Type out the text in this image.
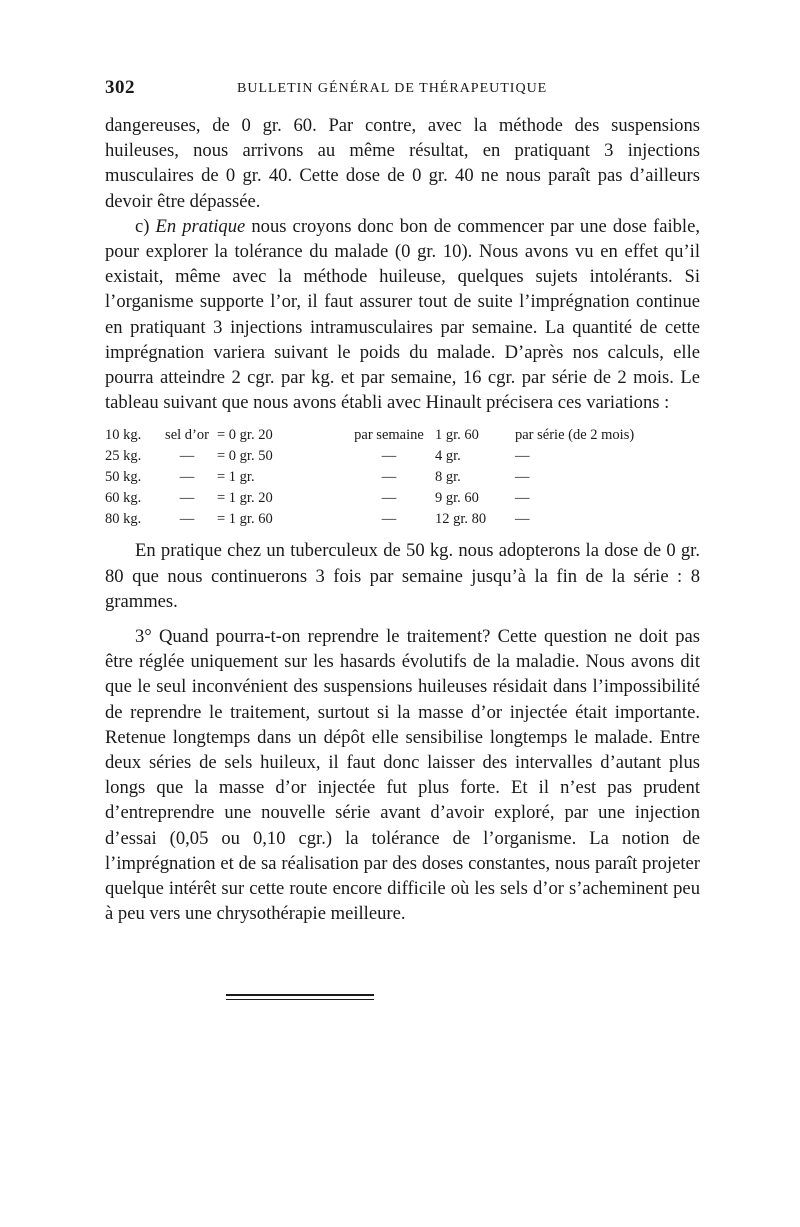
302	BULLETIN GÉNÉRAL DE THÉRAPEUTIQUE

dangereuses, de 0 gr. 60. Par contre, avec la méthode des suspensions huileuses, nous arrivons au même résultat, en pratiquant 3 injections musculaires de 0 gr. 40. Cette dose de 0 gr. 40 ne nous paraît pas d’ailleurs devoir être dépassée.

c) En pratique nous croyons donc bon de commencer par une dose faible, pour explorer la tolérance du malade (0 gr. 10). Nous avons vu en effet qu’il existait, même avec la méthode huileuse, quelques sujets intolérants. Si l’organisme supporte l’or, il faut assurer tout de suite l’imprégnation continue en pratiquant 3 injections intramusculaires par semaine. La quantité de cette imprégnation variera suivant le poids du malade. D’après nos calculs, elle pourra atteindre 2 cgr. par kg. et par semaine, 16 cgr. par série de 2 mois. Le tableau suivant que nous avons établi avec Hinault précisera ces variations :

10 kg.	sel d’or	= 0 gr. 20	par semaine	1 gr. 60	par série (de 2 mois)
25 kg.	—	= 0 gr. 50	—	4 gr.	—
50 kg.	—	= 1 gr.	—	8 gr.	—
60 kg.	—	= 1 gr. 20	—	9 gr. 60	—
80 kg.	—	= 1 gr. 60	—	12 gr. 80	—

En pratique chez un tuberculeux de 50 kg. nous adopterons la dose de 0 gr. 80 que nous continuerons 3 fois par semaine jusqu’à la fin de la série : 8 grammes.

3° Quand pourra-t-on reprendre le traitement? Cette question ne doit pas être réglée uniquement sur les hasards évolutifs de la maladie. Nous avons dit que le seul inconvénient des suspensions huileuses résidait dans l’impossibilité de reprendre le traitement, surtout si la masse d’or injectée était importante. Retenue longtemps dans un dépôt elle sensibilise longtemps le malade. Entre deux séries de sels huileux, il faut donc laisser des intervalles d’autant plus longs que la masse d’or injectée fut plus forte. Et il n’est pas prudent d’entreprendre une nouvelle série avant d’avoir exploré, par une injection d’essai (0,05 ou 0,10 cgr.) la tolérance de l’organisme. La notion de l’imprégnation et de sa réalisation par des doses constantes, nous paraît projeter quelque intérêt sur cette route encore difficile où les sels d’or s’acheminent peu à peu vers une chrysothérapie meilleure.
